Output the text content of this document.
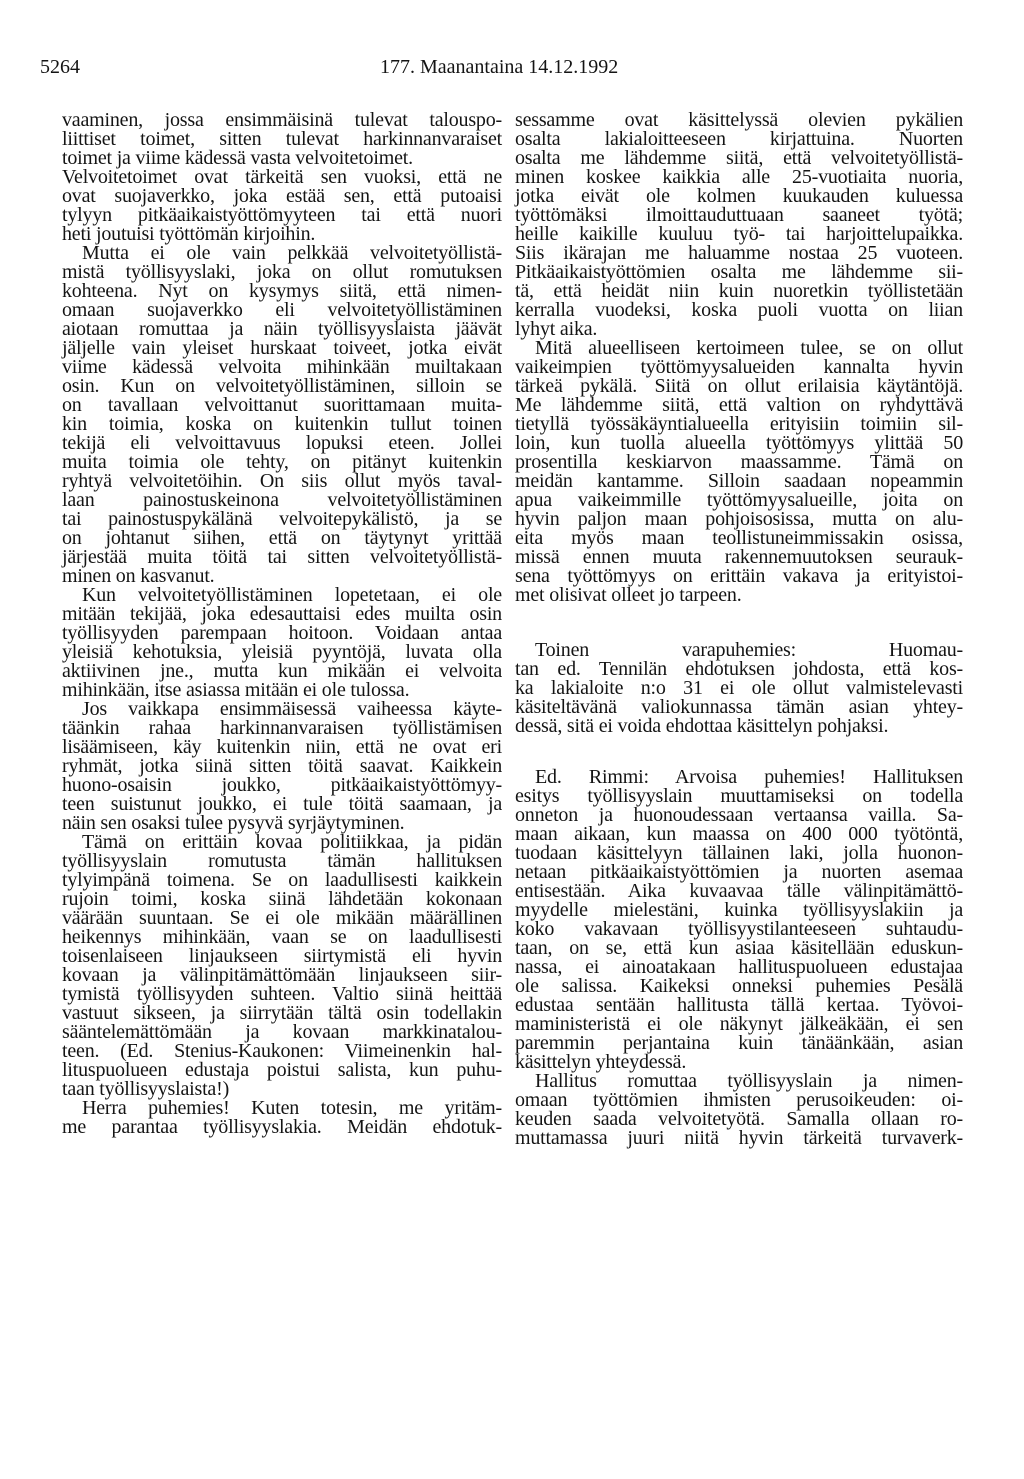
5264	177. Maanantaina 14.12.1992
vaaminen, jossa ensimmäisinä tulevat talouspo-
liittiset toimet, sitten tulevat harkinnanvaraiset
toimet ja viime kädessä vasta velvoitetoimet.
Velvoitetoimet ovat tärkeitä sen vuoksi, että ne
ovat suojaverkko, joka estää sen, että putoaisi
tylyyn pitkäaikaistyöttömyyteen tai että nuori
heti joutuisi työttömän kirjoihin.
Mutta ei ole vain pelkkää velvoitetyöllistä-
mistä työllisyyslaki, joka on ollut romutuksen
kohteena. Nyt on kysymys siitä, että nimen-
omaan suojaverkko eli velvoitetyöllistäminen
aiotaan romuttaa ja näin työllisyyslaista jäävät
jäljelle vain yleiset hurskaat toiveet, jotka eivät
viime kädessä velvoita mihinkään muiltakaan
osin. Kun on velvoitetyöllistäminen, silloin se
on tavallaan velvoittanut suorittamaan muita-
kin toimia, koska on kuitenkin tullut toinen
tekijä eli velvoittavuus lopuksi eteen. Jollei
muita toimia ole tehty, on pitänyt kuitenkin
ryhtyä velvoitetöihin. On siis ollut myös taval-
laan painostuskeinona velvoitetyöllistäminen
tai painostuspykälänä velvoitepykälistö, ja se
on johtanut siihen, että on täytynyt yrittää
järjestää muita töitä tai sitten velvoitetyöllistä-
minen on kasvanut.
Kun velvoitetyöllistäminen lopetetaan, ei ole
mitään tekijää, joka edesauttaisi edes muilta osin
työllisyyden parempaan hoitoon. Voidaan antaa
yleisiä kehotuksia, yleisiä pyyntöjä, luvata olla
aktiivinen jne., mutta kun mikään ei velvoita
mihinkään, itse asiassa mitään ei ole tulossa.
Jos vaikkapa ensimmäisessä vaiheessa käyte-
täänkin rahaa harkinnanvaraisen työllistämisen
lisäämiseen, käy kuitenkin niin, että ne ovat eri
ryhmät, jotka siinä sitten töitä saavat. Kaikkein
huono-osaisin joukko, pitkäaikaistyöttömyy-
teen suistunut joukko, ei tule töitä saamaan, ja
näin sen osaksi tulee pysyvä syrjäytyminen.
Tämä on erittäin kovaa politiikkaa, ja pidän
työllisyyslain romutusta tämän hallituksen
tylyimpänä toimena. Se on laadullisesti kaikkein
rujoin toimi, koska siinä lähdetään kokonaan
väärään suuntaan. Se ei ole mikään määrällinen
heikennys mihinkään, vaan se on laadullisesti
toisenlaiseen linjaukseen siirtymistä eli hyvin
kovaan ja välinpitämättömään linjaukseen siir-
tymistä työllisyyden suhteen. Valtio siinä heittää
vastuut sikseen, ja siirrytään tältä osin todellakin
sääntelemättömään ja kovaan markkinatalou-
teen. (Ed. Stenius-Kaukonen: Viimeinenkin hal-
lituspuolueen edustaja poistui salista, kun puhu-
taan työllisyyslaista!)
Herra puhemies! Kuten totesin, me yritäm-
me parantaa työllisyyslakia. Meidän ehdotuk-
sessamme ovat käsittelyssä olevien pykälien
osalta lakialoitteeseen kirjattuina. Nuorten
osalta me lähdemme siitä, että velvoitetyöllistä-
minen koskee kaikkia alle 25-vuotiaita nuoria,
jotka eivät ole kolmen kuukauden kuluessa
työttömäksi ilmoittauduttuaan saaneet työtä;
heille kaikille kuuluu työ- tai harjoittelupaikka.
Siis ikärajan me haluamme nostaa 25 vuoteen.
Pitkäaikaistyöttömien osalta me lähdemme sii-
tä, että heidät niin kuin nuoretkin työllistetään
kerralla vuodeksi, koska puoli vuotta on liian
lyhyt aika.
Mitä alueelliseen kertoimeen tulee, se on ollut
vaikeimpien työttömyysalueiden kannalta hyvin
tärkeä pykälä. Siitä on ollut erilaisia käytäntöjä.
Me lähdemme siitä, että valtion on ryhdyttävä
tietyllä työssäkäyntialueella erityisiin toimiin sil-
loin, kun tuolla alueella työttömyys ylittää 50
prosentilla keskiarvon maassamme. Tämä on
meidän kantamme. Silloin saadaan nopeammin
apua vaikeimmille työttömyysalueille, joita on
hyvin paljon maan pohjoisosissa, mutta on alu-
eita myös maan teollistuneimmissakin osissa,
missä ennen muuta rakennemuutoksen seurauk-
sena työttömyys on erittäin vakava ja erityistoi-
met olisivat olleet jo tarpeen.
Toinen varapuhemies: Huomau-
tan ed. Tennilän ehdotuksen johdosta, että kos-
ka lakialoite n:o 31 ei ole ollut valmistelevasti
käsiteltävänä valiokunnassa tämän asian yhtey-
dessä, sitä ei voida ehdottaa käsittelyn pohjaksi.
Ed. Rimmi: Arvoisa puhemies! Hallituksen
esitys työllisyyslain muuttamiseksi on todella
onneton ja huonoudessaan vertaansa vailla. Sa-
maan aikaan, kun maassa on 400 000 työtöntä,
tuodaan käsittelyyn tällainen laki, jolla huonon-
netaan pitkäaikaistyöttömien ja nuorten asemaa
entisestään. Aika kuvaavaa tälle välinpitämättö-
myydelle mielestäni, kuinka työllisyyslakiin ja
koko vakavaan työllisyystilanteeseen suhtaudu-
taan, on se, että kun asiaa käsitellään eduskun-
nassa, ei ainoatakaan hallituspuolueen edustajaa
ole salissa. Kaikeksi onneksi puhemies Pesälä
edustaa sentään hallitusta tällä kertaa. Työvoi-
maministeristä ei ole näkynyt jälkeäkään, ei sen
paremmin perjantaina kuin tänäänkään, asian
käsittelyn yhteydessä.
Hallitus romuttaa työllisyyslain ja nimen-
omaan työttömien ihmisten perusoikeuden: oi-
keuden saada velvoitetyötä. Samalla ollaan ro-
muttamassa juuri niitä hyvin tärkeitä turvaverk-
